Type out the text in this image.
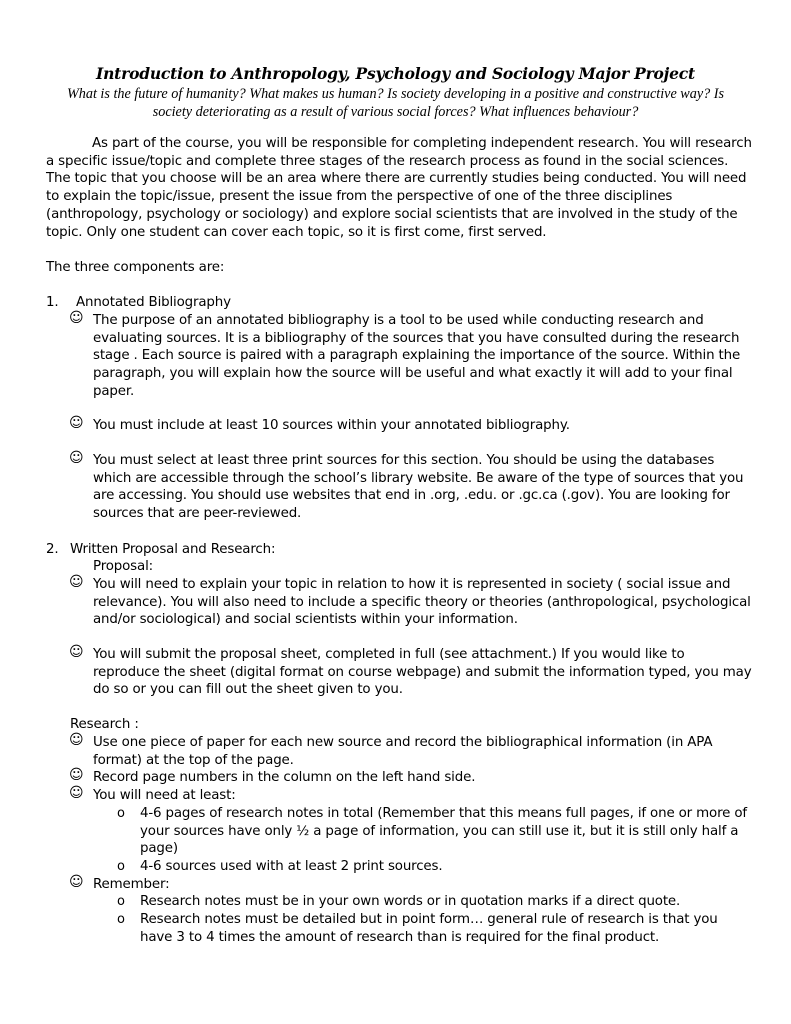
Introduction to Anthropology, Psychology and Sociology Major Project
What is the future of humanity? What makes us human? Is society developing in a positive and constructive way? Is
society deteriorating as a result of various social forces? What influences behaviour?

As part of the course, you will be responsible for completing independent research. You will research a specific issue/topic and complete three stages of the research process as found in the social sciences. The topic that you choose will be an area where there are currently studies being conducted. You will need to explain the topic/issue, present the issue from the perspective of one of the three disciplines (anthropology, psychology or sociology) and explore social scientists that are involved in the study of the topic. Only one student can cover each topic, so it is first come, first served.

The three components are:
1. Annotated Bibliography
☺ The purpose of an annotated bibliography is a tool to be used while conducting research and evaluating sources. It is a bibliography of the sources that you have consulted during the research stage . Each source is paired with a paragraph explaining the importance of the source. Within the paragraph, you will explain how the source will be useful and what exactly it will add to your final paper.
☺ You must include at least 10 sources within your annotated bibliography.
☺ You must select at least three print sources for this section. You should be using the databases which are accessible through the school’s library website. Be aware of the type of sources that you are accessing. You should use websites that end in .org, .edu. or .gc.ca (.gov). You are looking for sources that are peer-reviewed.
2. Written Proposal and Research:
Proposal:
☺ You will need to explain your topic in relation to how it is represented in society ( social issue and relevance). You will also need to include a specific theory or theories (anthropological, psychological and/or sociological) and social scientists within your information.
☺ You will submit the proposal sheet, completed in full (see attachment.) If you would like to reproduce the sheet (digital format on course webpage) and submit the information typed, you may do so or you can fill out the sheet given to you.
Research :
☺ Use one piece of paper for each new source and record the bibliographical information (in APA format) at the top of the page.
☺ Record page numbers in the column on the left hand side.
☺ You will need at least:
o 4-6 pages of research notes in total (Remember that this means full pages, if one or more of your sources have only ½ a page of information, you can still use it, but it is still only half a page)
o 4-6 sources used with at least 2 print sources.
☺ Remember:
o Research notes must be in your own words or in quotation marks if a direct quote.
o Research notes must be detailed but in point form… general rule of research is that you have 3 to 4 times the amount of research than is required for the final product.
